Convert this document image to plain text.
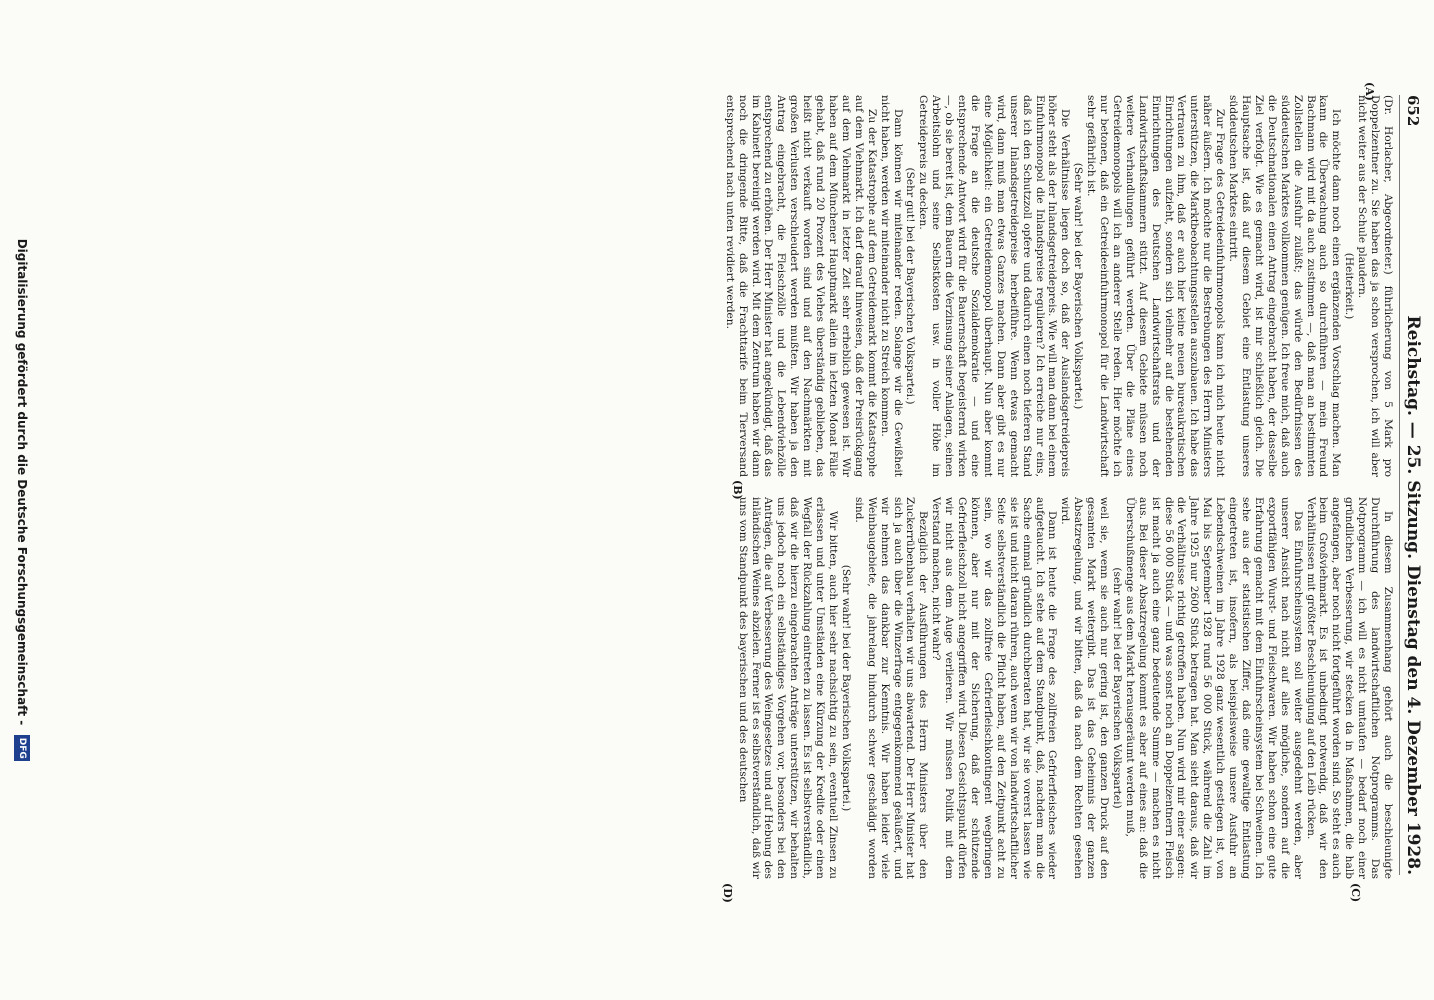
652
Reichstag. — 25. Sitzung. Dienstag den 4. Dezember 1928.
(A)
(B)
(C)
(D)

(Dr. Horlacher, Abgeordneter.) führlicherung von 5 Mark pro Doppelzentner zu. Sie haben das ja schon versprochen, ich will aber nicht weiter aus der Schule plaudern.

(Heiterkeit.)

Ich möchte dann noch einen ergänzenden Vorschlag machen. Man kann die Überwachung auch so durchführen — mein Freund Bachmann wird mit da auch zustimmen —, daß man an bestimmten Zollstellen die Ausfuhr zuläßt; das würde den Bedürfnissen des süddeutschen Marktes vollkommen genügen. Ich freue mich, daß auch die Deutschnationalen einen Antrag eingebracht haben, der dasselbe Ziel verfolgt. Wie es gemacht wird, ist mir schließlich gleich. Die Hauptsache ist, daß auf diesem Gebiet eine Entlastung unseres süddeutschen Marktes eintritt.

Zur Frage des Getreideeinfuhrmonopols kann ich mich heute nicht näher äußern. Ich möchte nur die Bestrebungen des Herrn Ministers unterstützen, die Marktbeobachtungsstellen auszubauen. Ich habe das Vertrauen zu ihm, daß er auch hier keine neuen bureaukratischen Einrichtungen aufzieht, sondern sich vielmehr auf die bestehenden Einrichtungen des Deutschen Landwirtschaftsrats und der Landwirtschaftskammern stützt. Auf diesem Gebiete müssen noch weitere Verhandlungen geführt werden. Über die Pläne eines Getreidemonopols will ich an anderer Stelle reden. Hier möchte ich nur betonen, daß ein Getreideeinfuhrmonopol für die Landwirtschaft sehr gefährlich ist.

(Sehr wahr! bei der Bayerischen Volkspartei.)

Die Verhältnisse liegen doch so, daß der Auslandsgetreidepreis höher steht als der Inlandsgetreidepreis. Wie will man dann bei einem Einfuhrmonopol die Inlandspreise regulieren? Ich erreiche nur eins, daß ich den Schutzzoll opfere und dadurch einen noch tieferen Stand unserer Inlandsgetreidepreise herbeiführe. Wenn etwas gemacht wird, dann muß man etwas Ganzes machen. Dann aber gibt es nur eine Möglichkeit: ein Getreidemonopol überhaupt. Nun aber kommt die Frage an die deutsche Sozialdemokratie — und eine entsprechende Antwort wird für die Bauernschaft begeisternd wirken —, ob sie bereit ist, dem Bauern die Verzinsung seiner Anlagen, seinen Arbeitslohn und seine Selbstkosten usw. in voller Höhe im Getreidepreis zu decken.

(Sehr gut! bei der Bayerischen Volkspartei.)

Dann können wir miteinander reden. Solange wir die Gewißheit nicht haben, werden wir miteinander nicht zu Streich kommen.

Zu der Katastrophe auf dem Getreidemarkt kommt die Katastrophe auf dem Viehmarkt. Ich darf darauf hinweisen, daß der Preisrückgang auf dem Viehmarkt in letzter Zeit sehr erheblich gewesen ist. Wir haben auf dem Münchener Hauptmarkt allein im letzten Monat Fälle gehabt, daß rund 20 Prozent des Viehes überständig geblieben, das heißt nicht verkauft worden sind und auf den Nachmärkten mit großen Verlusten verschleudert werden mußten. Wir haben ja den Antrag eingebracht, die Fleischzölle und die Lebendviehzölle entsprechend zu erhöhen. Der Herr Minister hat angekündigt, daß das im Kabinett bereinigt werden wird. Mit dem Zentrum haben wir dann noch die dringende Bitte, daß die Frachttarife beim Tierversand entsprechend nach unten revidiert werden.

In diesem Zusammenhang gehört auch die beschleunigte Durchführung des landwirtschaftlichen Notprogramms. Das Notprogramm — ich will es nicht umtaufen — bedarf noch einer gründlichen Verbesserung, wir stecken da in Maßnahmen, die halb angefangen, aber noch nicht fortgeführt worden sind. So steht es auch beim Großviehmarkt. Es ist unbedingt notwendig, daß wir den Verhältnissen mit größter Beschleunigung auf den Leib rücken.

Das Einfuhrscheinsystem soll weiter ausgedehnt werden, aber unserer Ansicht nach nicht auf alles mögliche, sondern auf die exportfähigen Wurst- und Fleischwaren. Wir haben schon eine gute Erfahrung gemacht mit dem Einfuhrscheinsystem bei Schweinen. Ich sehe aus der statistischen Ziffer, daß eine gewaltige Entlastung eingetreten ist, insofern, als beispielsweise unsere Ausfuhr an Lebendschweinen im Jahre 1928 ganz wesentlich gestiegen ist, von Mai bis September 1928 rund 56 000 Stück, während die Zahl im Jahre 1925 nur 2600 Stück betragen hat. Man sieht daraus, daß wir die Verhältnisse richtig getroffen haben. Nun wird mir einer sagen: diese 56 000 Stück — und was sonst noch an Doppelzentnern Fleisch ist macht ja auch eine ganz bedeutende Summe — machen es nicht aus. Bei dieser Absatzregelung kommt es aber auf eines an: daß die Überschußmenge aus dem Markt herausgeräumt werden muß,

(sehr wahr! bei der Bayerischen Volkspartei)

weil sie, wenn sie auch nur gering ist, den ganzen Druck auf den gesamten Markt weitergibt. Das ist das Geheimnis der ganzen Absatzregelung, und wir bitten, daß da nach dem Rechten gesehen wird.

Dann ist heute die Frage des zollfreien Gefrierfleisches wieder aufgetaucht. Ich stehe auf dem Standpunkt, daß, nachdem man die Sache einmal gründlich durchberaten hat, wir sie vorerst lassen wie sie ist und nicht daran rühren, auch wenn wir von landwirtschaftlicher Seite selbstverständlich die Pflicht haben, auf den Zeitpunkt acht zu sein, wo wir das zollfreie Gefrierfleischkontingent wegbringen können, aber nur mit der Sicherung, daß der schützende Gefrierfleischzoll nicht angegriffen wird. Diesen Gesichtspunkt dürfen wir nicht aus dem Auge verlieren. Wir müssen Politik mit dem Verstand machen, nicht wahr?

Bezüglich der Ausführungen des Herrn Ministers über den Zuckerrübenbau verhalten wir uns abwartend. Der Herr Minister hat sich ja auch über die Winzerfrage entgegenkommend geäußert, und wir nehmen das dankbar zur Kenntnis. Wir haben leider viele Weinbaugebiete, die jahrelang hindurch schwer geschädigt worden sind.

(Sehr wahr! bei der Bayerischen Volkspartei.)

Wir bitten, auch hier sehr nachsichtig zu sein, eventuell Zinsen zu erlassen und unter Umständen eine Kürzung der Kredite oder einen Wegfall der Rückzahlung eintreten zu lassen. Es ist selbstverständlich, daß wir die hierzu eingebrachten Anträge unterstützen, wir behalten uns jedoch noch ein selbständiges Vorgehen vor, besonders bei den Anträgen, die auf Verbesserung des Weingesetzes und auf Hebung des inländischen Weines abzielen. Ferner ist es selbstverständlich, daß wir uns vom Standpunkt des bayerischen und des deutschen

Digitalisierung gefördert durch die Deutsche Forschungsgemeinschaft -
DFG
